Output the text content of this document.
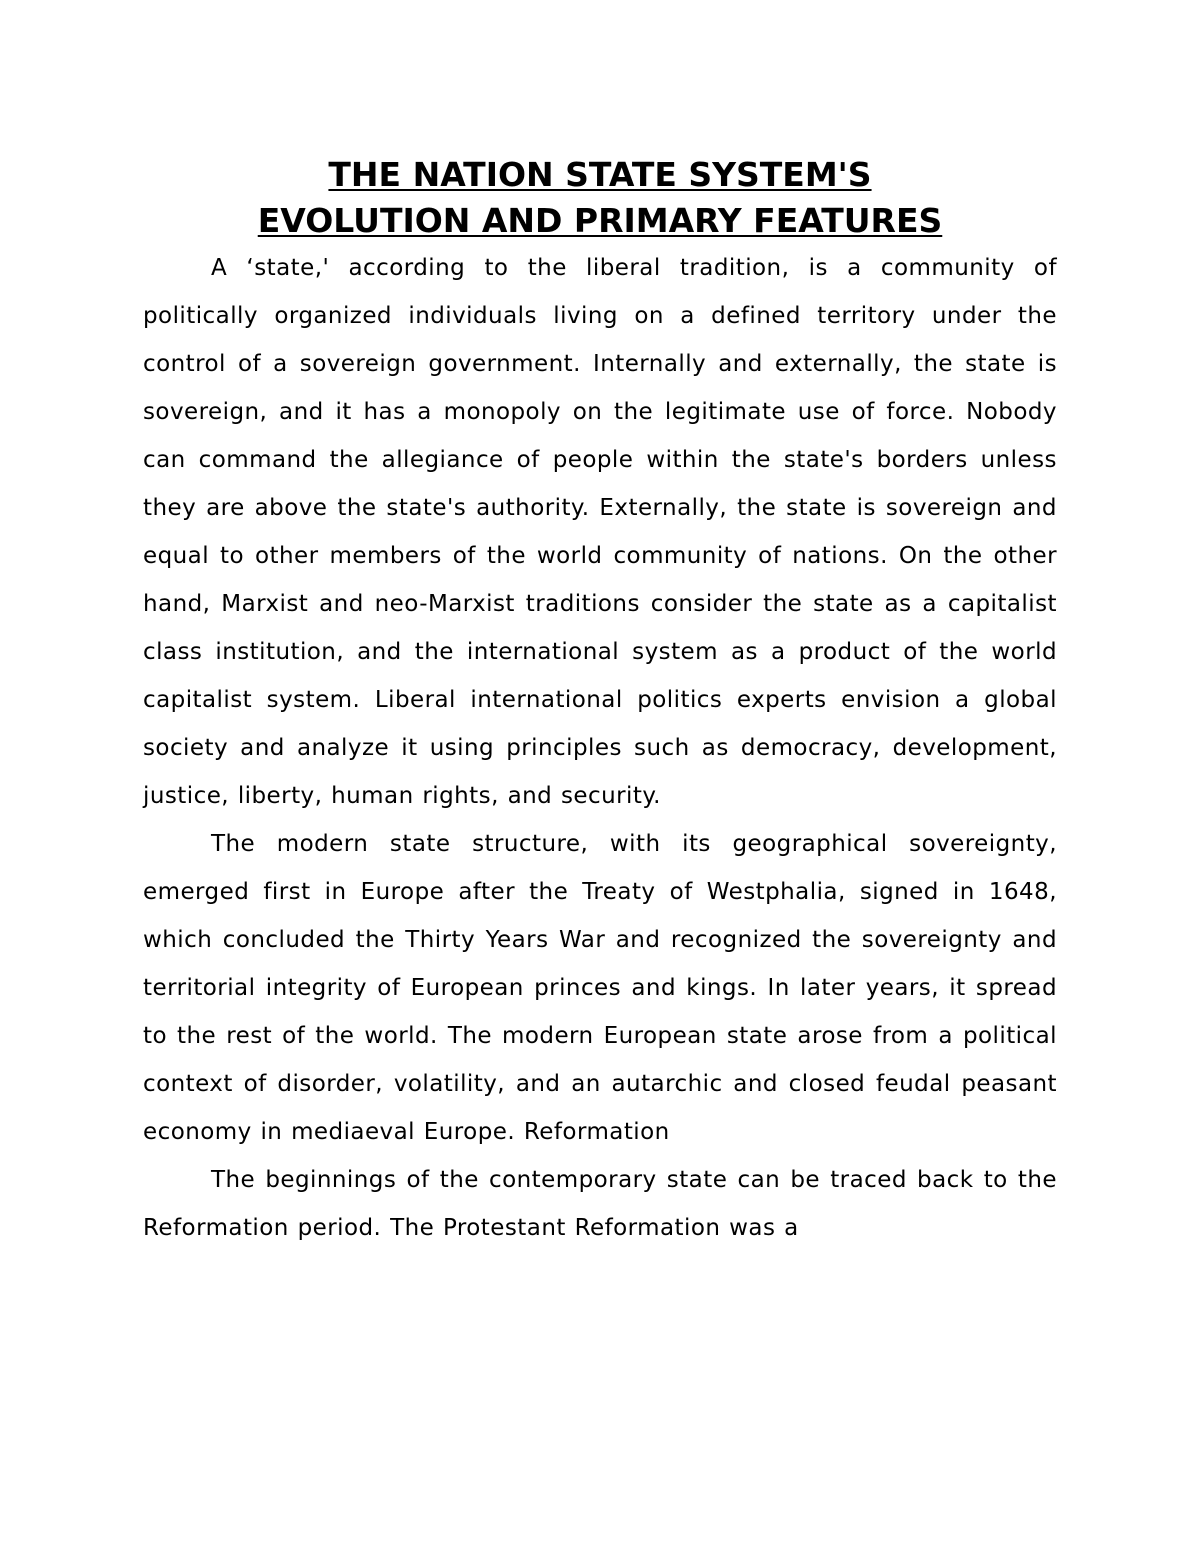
THE NATION STATE SYSTEM'S
EVOLUTION AND PRIMARY FEATURES

A ‘state,' according to the liberal tradition, is a community of politically organized individuals living on a defined territory under the control of a sovereign government. Internally and externally, the state is sovereign, and it has a monopoly on the legitimate use of force. Nobody can command the allegiance of people within the state's borders unless they are above the state's authority. Externally, the state is sovereign and equal to other members of the world community of nations. On the other hand, Marxist and neo-Marxist traditions consider the state as a capitalist class institution, and the international system as a product of the world capitalist system. Liberal international politics experts envision a global society and analyze it using principles such as democracy, development, justice, liberty, human rights, and security.

The modern state structure, with its geographical sovereignty, emerged first in Europe after the Treaty of Westphalia, signed in 1648, which concluded the Thirty Years War and recognized the sovereignty and territorial integrity of European princes and kings. In later years, it spread to the rest of the world. The modern European state arose from a political context of disorder, volatility, and an autarchic and closed feudal peasant economy in mediaeval Europe. Reformation

The beginnings of the contemporary state can be traced back to the Reformation period. The Protestant Reformation was a
